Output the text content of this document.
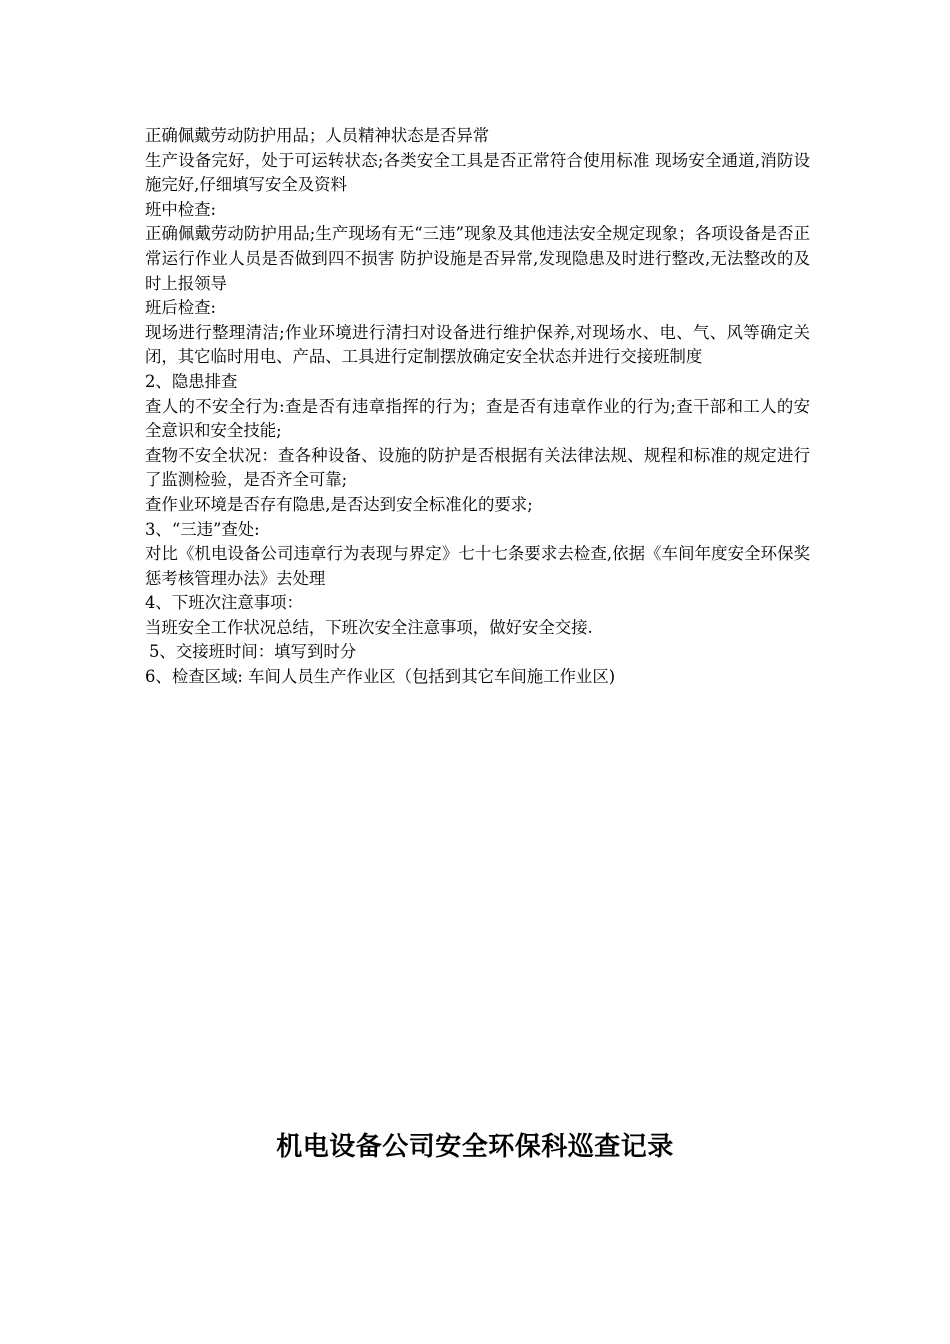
正确佩戴劳动防护用品；人员精神状态是否异常

生产设备完好，处于可运转状态;各类安全工具是否正常符合使用标准 现场安全通道,消防设施完好,仔细填写安全及资料

班中检查:

正确佩戴劳动防护用品;生产现场有无“三违”现象及其他违法安全规定现象；各项设备是否正常运行作业人员是否做到四不损害 防护设施是否异常,发现隐患及时进行整改,无法整改的及时上报领导

班后检查:

现场进行整理清洁;作业环境进行清扫对设备进行维护保养,对现场水、电、气、风等确定关闭，其它临时用电、产品、工具进行定制摆放确定安全状态并进行交接班制度

2、隐患排查

查人的不安全行为:查是否有违章指挥的行为；查是否有违章作业的行为;查干部和工人的安全意识和安全技能;

查物不安全状况：查各种设备、设施的防护是否根据有关法律法规、规程和标准的规定进行了监测检验，是否齐全可靠;

查作业环境是否存有隐患,是否达到安全标准化的要求;

3、“三违”查处:

对比《机电设备公司违章行为表现与界定》七十七条要求去检查,依据《车间年度安全环保奖惩考核管理办法》去处理

4、下班次注意事项：

当班安全工作状况总结，下班次安全注意事项，做好安全交接.

5、交接班时间：填写到时分

6、检查区域: 车间人员生产作业区（包括到其它车间施工作业区)

机电设备公司安全环保科巡查记录
